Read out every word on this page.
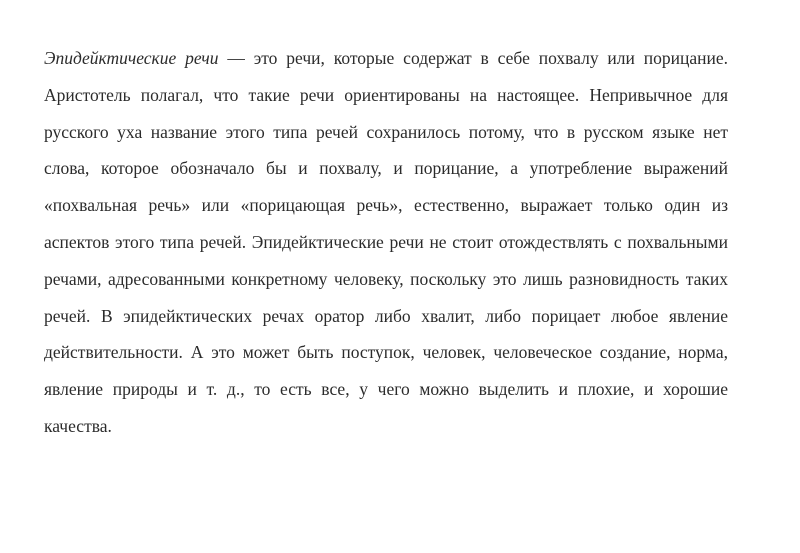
Эпидейктические речи — это речи, которые содержат в себе похвалу или порицание. Аристотель полагал, что такие речи ориентированы на настоящее. Непривычное для русского уха название этого типа речей сохранилось потому, что в русском языке нет слова, которое обозначало бы и похвалу, и порицание, а употребление выражений «похвальная речь» или «порицающая речь», естественно, выражает только один из аспектов этого типа речей. Эпидейктические речи не стоит отождествлять с похвальными речами, адресованными конкретному человеку, поскольку это лишь разновидность таких речей. В эпидейктических речах оратор либо хвалит, либо порицает любое явление действительности. А это может быть поступок, человек, человеческое создание, норма, явление природы и т. д., то есть все, у чего можно выделить и плохие, и хорошие качества.
